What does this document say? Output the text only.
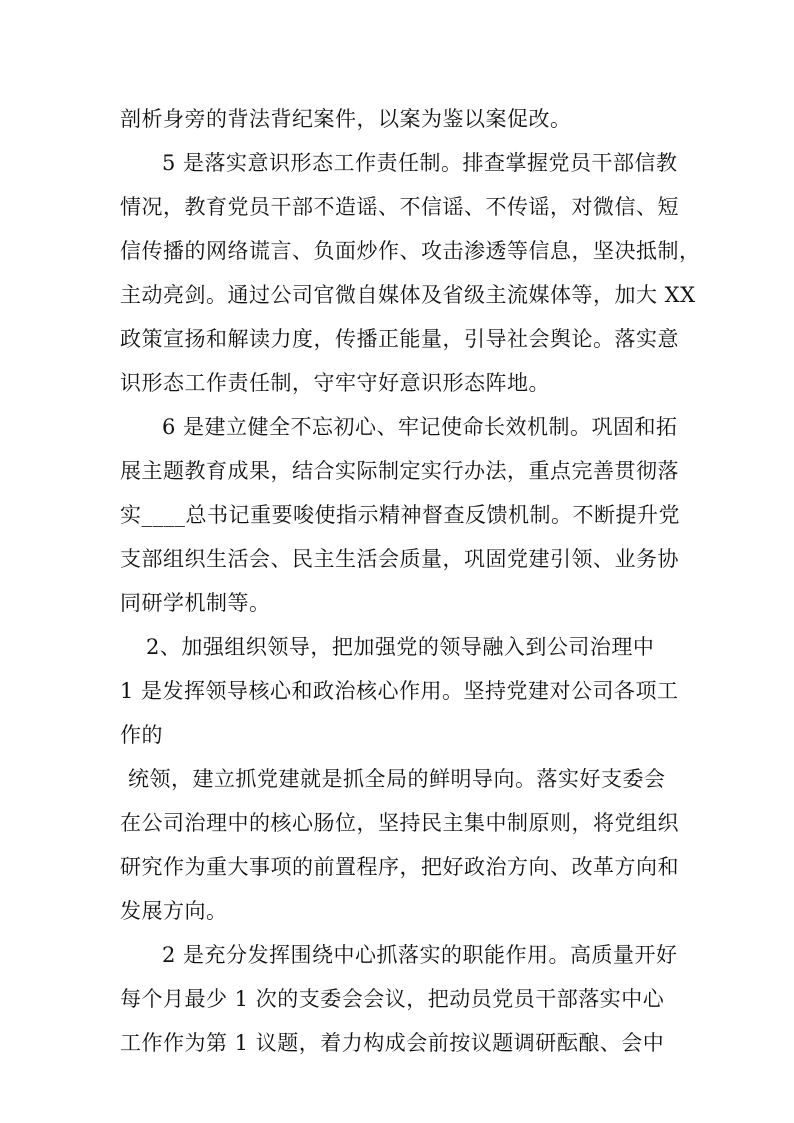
剖析身旁的背法背纪案件，以案为鉴以案促改。
5 是落实意识形态工作责任制。排查掌握党员干部信教
情况，教育党员干部不造谣、不信谣、不传谣，对微信、短
信传播的网络谎言、负面炒作、攻击渗透等信息，坚决抵制，
主动亮剑。通过公司官微自媒体及省级主流媒体等，加大 XX
政策宣扬和解读力度，传播正能量，引导社会舆论。落实意
识形态工作责任制，守牢守好意识形态阵地。
6 是建立健全不忘初心、牢记使命长效机制。巩固和拓
展主题教育成果，结合实际制定实行办法，重点完善贯彻落
实____总书记重要唆使指示精神督查反馈机制。不断提升党
支部组织生活会、民主生活会质量，巩固党建引领、业务协
同研学机制等。
2、加强组织领导，把加强党的领导融入到公司治理中
1 是发挥领导核心和政治核心作用。坚持党建对公司各项工
作的
统领，建立抓党建就是抓全局的鲜明导向。落实好支委会
在公司治理中的核心肠位，坚持民主集中制原则，将党组织
研究作为重大事项的前置程序，把好政治方向、改革方向和
发展方向。
2 是充分发挥围绕中心抓落实的职能作用。高质量开好
每个月最少 1 次的支委会会议，把动员党员干部落实中心
工作作为第 1 议题，着力构成会前按议题调研酝酿、会中
